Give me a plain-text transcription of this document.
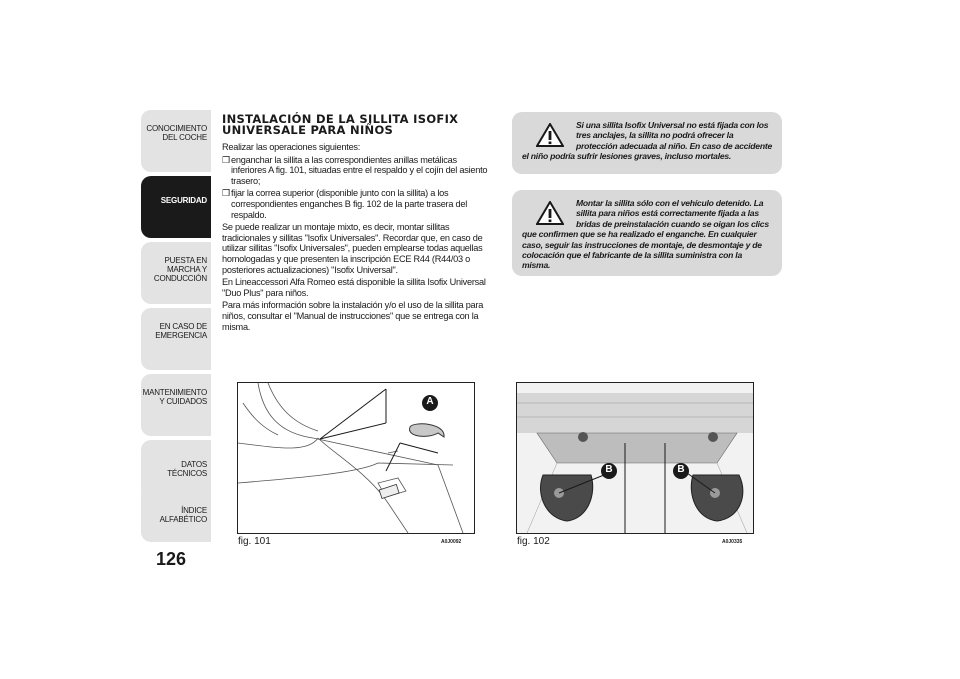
CONOCIMIENTO DEL COCHE
SEGURIDAD
PUESTA EN MARCHA Y CONDUCCIÓN
EN CASO DE EMERGENCIA
MANTENIMIENTO Y CUIDADOS
DATOS TÉCNICOS
ÍNDICE ALFABÉTICO
126
INSTALACIÓN DE LA SILLITA ISOFIX
UNIVERSALE PARA NIÑOS

Realizar las operaciones siguientes:

❒ enganchar la sillita a las correspondientes anillas metálicas inferiores A fig. 101, situadas entre el respaldo y el cojín del asiento trasero;
❒ fijar la correa superior (disponible junto con la sillita) a los correspondientes enganches B fig. 102 de la parte trasera del respaldo.

Se puede realizar un montaje mixto, es decir, montar sillitas tradicionales y sillitas "Isofix Universales". Recordar que, en caso de utilizar sillitas "Isofix Universales", pueden emplearse todas aquellas homologadas y que presenten la inscripción ECE R44 (R44/03 o posteriores actualizaciones) "Isofix Universal".

En Lineaccessori Alfa Romeo está disponible la sillita Isofix Universal "Duo Plus" para niños.

Para más información sobre la instalación y/o el uso de la sillita para niños, consultar el "Manual de instrucciones" que se entrega con la misma.

Si una sillita Isofix Universal no está fijada con los tres anclajes, la sillita no podrá ofrecer la protección adecuada al niño. En caso de accidente el niño podría sufrir lesiones graves, incluso mortales.
Montar la sillita sólo con el vehículo detenido. La sillita para niños está correctamente fijada a las bridas de preinstalación cuando se oigan los clics que confirmen que se ha realizado el enganche. En cualquier caso, seguir las instrucciones de montaje, de desmontaje y de colocación que el fabricante de la sillita suministra con la misma.
A
fig. 101	A0J0092
B	B
fig. 102	A0J0335
